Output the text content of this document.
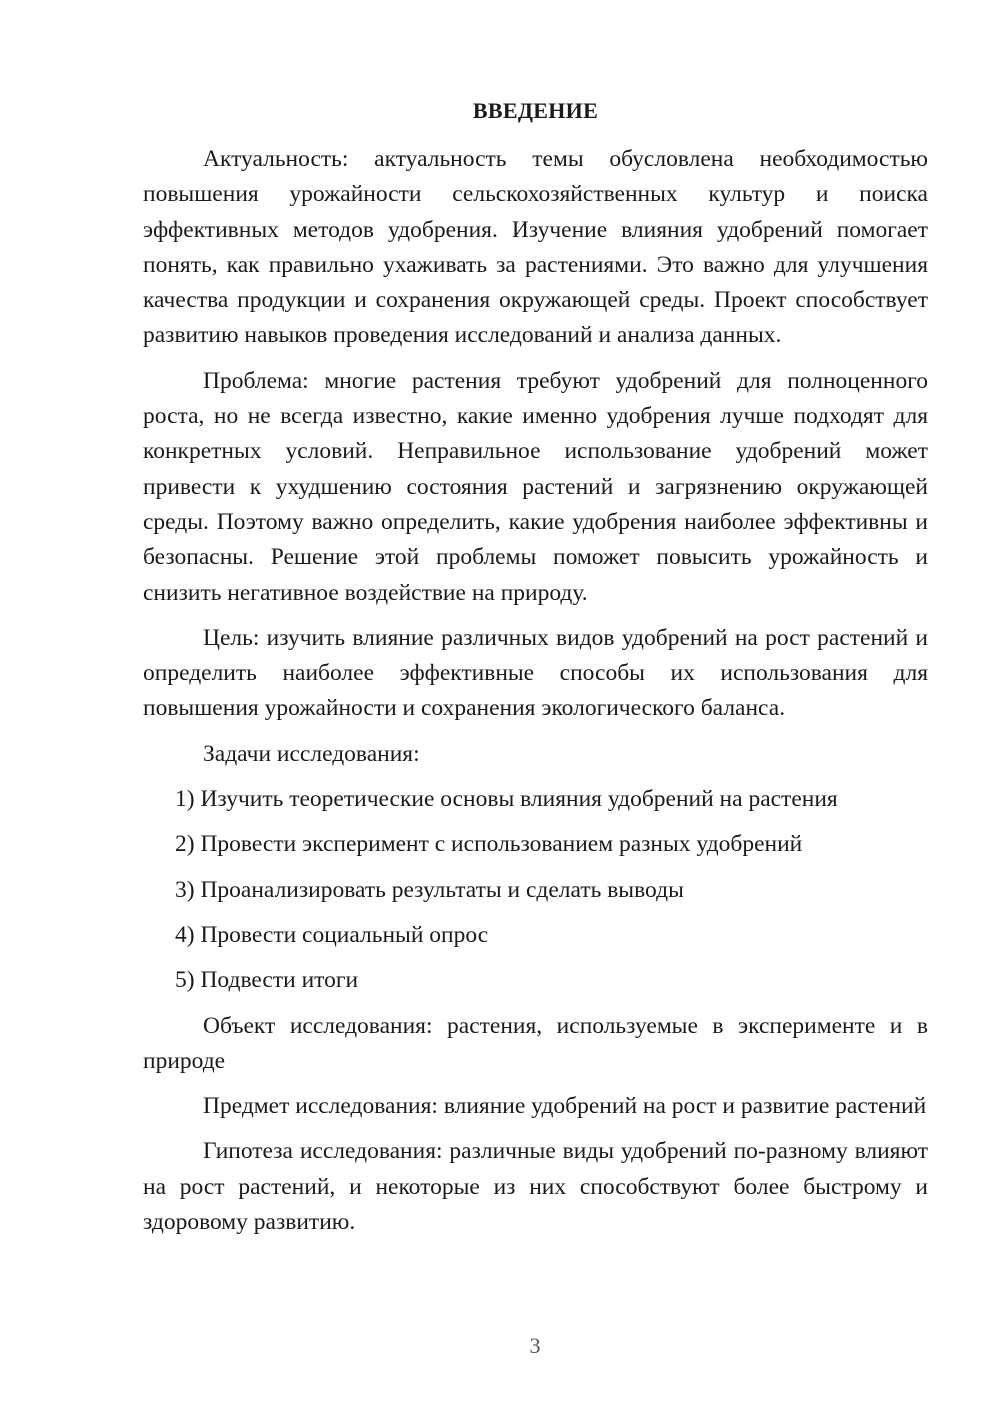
ВВЕДЕНИЕ

Актуальность: актуальность темы обусловлена необходимостью повышения урожайности сельскохозяйственных культур и поиска эффективных методов удобрения. Изучение влияния удобрений помогает понять, как правильно ухаживать за растениями. Это важно для улучшения качества продукции и сохранения окружающей среды. Проект способствует развитию навыков проведения исследований и анализа данных.

Проблема: многие растения требуют удобрений для полноценного роста, но не всегда известно, какие именно удобрения лучше подходят для конкретных условий. Неправильное использование удобрений может привести к ухудшению состояния растений и загрязнению окружающей среды. Поэтому важно определить, какие удобрения наиболее эффективны и безопасны. Решение этой проблемы поможет повысить урожайность и снизить негативное воздействие на природу.

Цель: изучить влияние различных видов удобрений на рост растений и определить наиболее эффективные способы их использования для повышения урожайности и сохранения экологического баланса.

Задачи исследования:

1) Изучить теоретические основы влияния удобрений на растения
2) Провести эксперимент с использованием разных удобрений
3) Проанализировать результаты и сделать выводы
4) Провести социальный опрос
5) Подвести итоги

Объект исследования: растения, используемые в эксперименте и в природе

Предмет исследования: влияние удобрений на рост и развитие растений

Гипотеза исследования: различные виды удобрений по-разному влияют на рост растений, и некоторые из них способствуют более быстрому и здоровому развитию.

3
